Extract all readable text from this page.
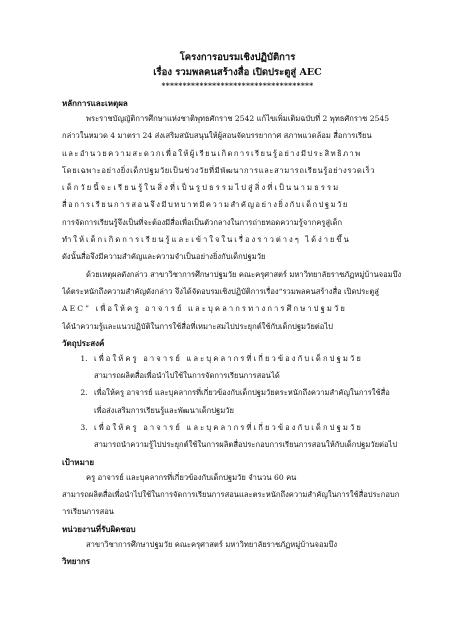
โครงการอบรมเชิงปฏิบัติการ
เรื่อง รวมพลคนสร้างสื่อ เปิดประตูสู่ AEC
************************************
หลักการและเหตุผล
พระราชบัญญัติการศึกษาแห่งชาติพุทธศักราช 2542 แก้ไขเพิ่มเติมฉบับที่ 2 พุทธศักราช 2545
กล่าวในหมวด 4 มาตรา 24 ส่งเสริมสนับสนุนให้ผู้สอนจัดบรรยากาศ สภาพแวดล้อม สื่อการเรียน
และอำนวยความสะดวกเพื่อให้ผู้เรียนเกิดการเรียนรู้อย่างมีประสิทธิภาพ
โดยเฉพาะอย่างยิ่งเด็กปฐมวัยเป็นช่วงวัยที่มีพัฒนาการและสามารถเรียนรู้อย่างรวดเร็ว
เด็กวัยนี้จะเรียนรู้ในสิ่งที่เป็นรูปธรรมไปสู่สิ่งที่เป็นนามธรรม
สื่อการเรียนการสอนจึงมีบทบาทมีความสำคัญอย่างยิ่งกับเด็กปฐมวัย
การจัดการเรียนรู้จึงเป็นที่จะต้องมีสื่อเพื่อเป็นตัวกลางในการถ่ายทอดความรู้จากครูสู่เด็ก
ทำให้เด็กเกิดการเรียนรู้และเข้าใจในเรื่องราวต่างๆ ได้ง่ายขึ้น
ดังนั้นสื่อจึงมีความสำคัญและความจำเป็นอย่างยิ่งกับเด็กปฐมวัย
ด้วยเหตุผลดังกล่าว สาขาวิชาการศึกษาปฐมวัย คณะครุศาสตร์ มหาวิทยาลัยราชภัฏหมู่บ้านจอมบึง
ได้ตระหนักถึงความสำคัญดังกล่าว จึงได้จัดอบรมเชิงปฏิบัติการเรื่อง“รวมพลคนสร้างสื่อ เปิดประตูสู่
AEC” เพื่อให้ครู อาจารย์ และบุคลากรทางการศึกษาปฐมวัย
ได้นำความรู้และแนวปฏิบัติในการใช้สื่อที่เหมาะสมไปประยุกต์ใช้กับเด็กปฐมวัยต่อไป
วัตถุประสงค์
1. เพื่อให้ครู อาจารย์ และบุคลากรที่เกี่ยวข้องกับเด็กปฐมวัย
สามารถผลิตสื่อเพื่อนำไปใช้ในการจัดการเรียนการสอนได้
2. เพื่อให้ครู อาจารย์ และบุคลากรที่เกี่ยวข้องกับเด็กปฐมวัยตระหนักถึงความสำคัญในการใช้สื่อ
เพื่อส่งเสริมการเรียนรู้และพัฒนาเด็กปฐมวัย
3. เพื่อให้ครู อาจารย์ และบุคลากรที่เกี่ยวข้องกับเด็กปฐมวัย
สามารถนำความรู้ไปประยุกต์ใช้ในการผลิตสื่อประกอบการเรียนการสอนให้กับเด็กปฐมวัยต่อไป
เป้าหมาย
ครู อาจารย์ และบุคลากรที่เกี่ยวข้องกับเด็กปฐมวัย จำนวน 60 คน
สามารถผลิตสื่อเพื่อนำไปใช้ในการจัดการเรียนการสอนและตระหนักถึงความสำคัญในการใช้สื่อประกอบก
ารเรียนการสอน
หน่วยงานที่รับผิดชอบ
สาขาวิชาการศึกษาปฐมวัย คณะครุศาสตร์ มหาวิทยาลัยราชภัฏหมู่บ้านจอมบึง
วิทยากร
